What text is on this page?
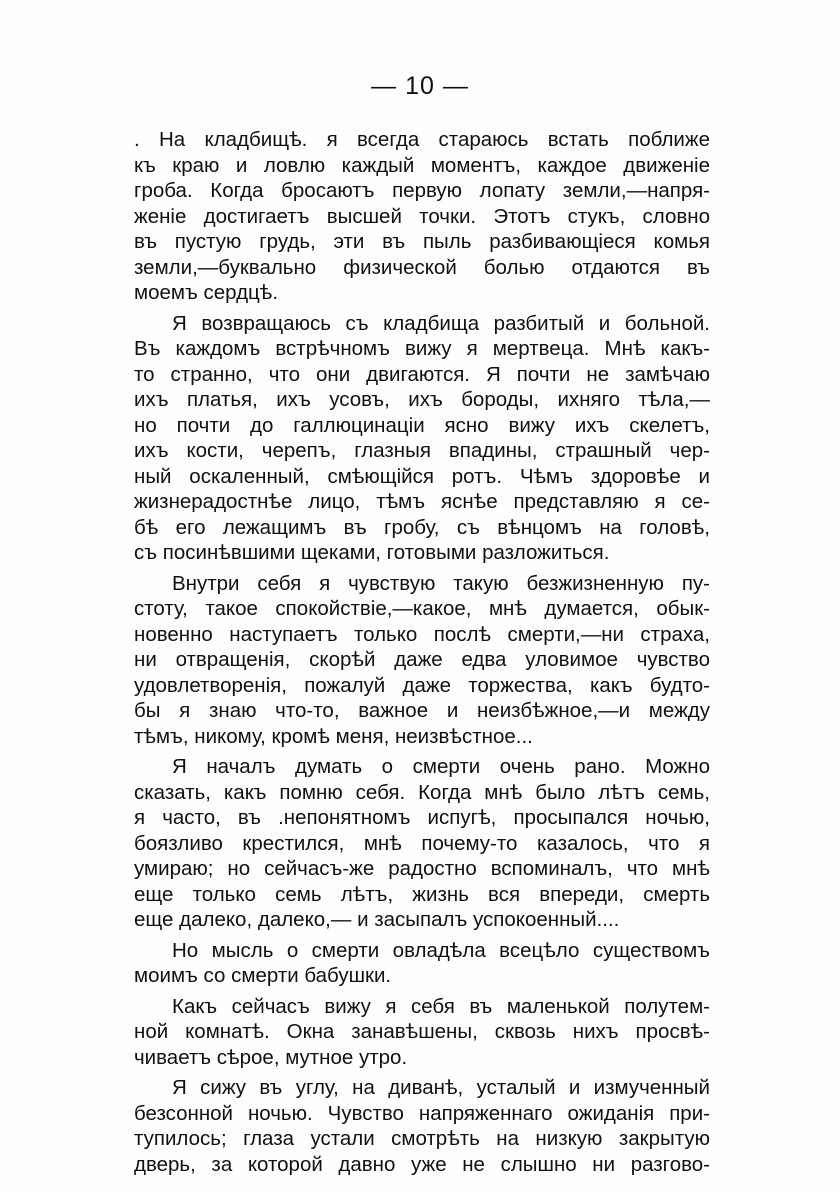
— 10 —
. На кладбищѣ. я всегда стараюсь встать поближе
къ краю и ловлю каждый моментъ, каждое движеніе
гроба. Когда бросаютъ первую лопату земли,—напря-
женіе достигаетъ высшей точки. Этотъ стукъ, словно
въ пустую грудь, эти въ пыль разбивающіеся комья
земли,—буквально физической болью отдаются въ
моемъ сердцѣ.
Я возвращаюсь съ кладбища разбитый и больной.
Въ каждомъ встрѣчномъ вижу я мертвеца. Мнѣ какъ-
то странно, что они двигаются. Я почти не замѣчаю
ихъ платья, ихъ усовъ, ихъ бороды, ихняго тѣла,—
но почти до галлюцинаціи ясно вижу ихъ скелетъ,
ихъ кости, черепъ, глазныя впадины, страшный чер-
ный оскаленный, смѣющійся ротъ. Чѣмъ здоровѣе и
жизнерадостнѣе лицо, тѣмъ яснѣе представляю я се-
бѣ его лежащимъ въ гробу, съ вѣнцомъ на головѣ,
съ посинѣвшими щеками, готовыми разложиться.
Внутри себя я чувствую такую безжизненную пу-
стоту, такое спокойствіе,—какое, мнѣ думается, обык-
новенно наступаетъ только послѣ смерти,—ни страха,
ни отвращенія, скорѣй даже едва уловимое чувство
удовлетворенія, пожалуй даже торжества, какъ будто-
бы я знаю что-то, важное и неизбѣжное,—и между
тѣмъ, никому, кромѣ меня, неизвѣстное...
Я началъ думать о смерти очень рано. Можно
сказать, какъ помню себя. Когда мнѣ было лѣтъ семь,
я часто, въ .непонятномъ испугѣ, просыпался ночью,
боязливо крестился, мнѣ почему-то казалось, что я
умираю; но сейчасъ-же радостно вспоминалъ, что мнѣ
еще только семь лѣтъ, жизнь вся впереди, смерть
еще далеко, далеко,— и засыпалъ успокоенный....
Но мысль о смерти овладѣла всецѣло существомъ
моимъ со смерти бабушки.
Какъ сейчасъ вижу я себя въ маленькой полутем-
ной комнатѣ. Окна занавѣшены, сквозь нихъ просвѣ-
чиваетъ сѣрое, мутное утро.
Я сижу въ углу, на диванѣ, усталый и измученный
безсонной ночью. Чувство напряженнаго ожиданія при-
тупилось; глаза устали смотрѣть на низкую закрытую
дверь, за которой давно уже не слышно ни разгово-
